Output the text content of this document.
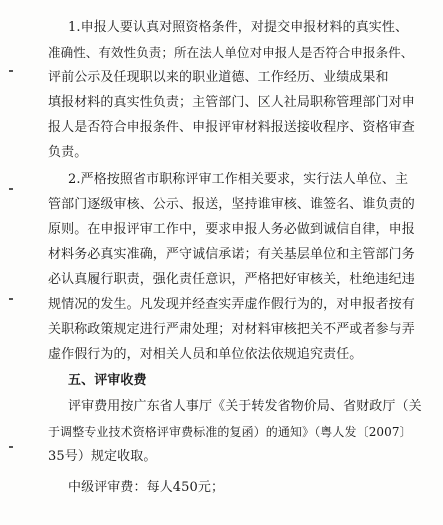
1.申报人要认真对照资格条件，对提交申报材料的真实性、
准确性、有效性负责；所在法人单位对申报人是否符合申报条件、
评前公示及任现职以来的职业道德、工作经历、业绩成果和
填报材料的真实性负责；主管部门、区人社局职称管理部门对申
报人是否符合申报条件、申报评审材料报送接收程序、资格审查
负责。
2.严格按照省市职称评审工作相关要求，实行法人单位、主
管部门逐级审核、公示、报送，坚持谁审核、谁签名、谁负责的
原则。在申报评审工作中，要求申报人务必做到诚信自律，申报
材料务必真实准确，严守诚信承诺；有关基层单位和主管部门务
必认真履行职责，强化责任意识，严格把好审核关，杜绝违纪违
规情况的发生。凡发现并经查实弄虚作假行为的，对申报者按有
关职称政策规定进行严肃处理；对材料审核把关不严或者参与弄
虚作假行为的，对相关人员和单位依法依规追究责任。
五、评审收费
评审费用按广东省人事厅《关于转发省物价局、省财政厅（关
于调整专业技术资格评审费标准的复函）的通知》（粤人发〔2007〕
35号）规定收取。
中级评审费：每人450元；
